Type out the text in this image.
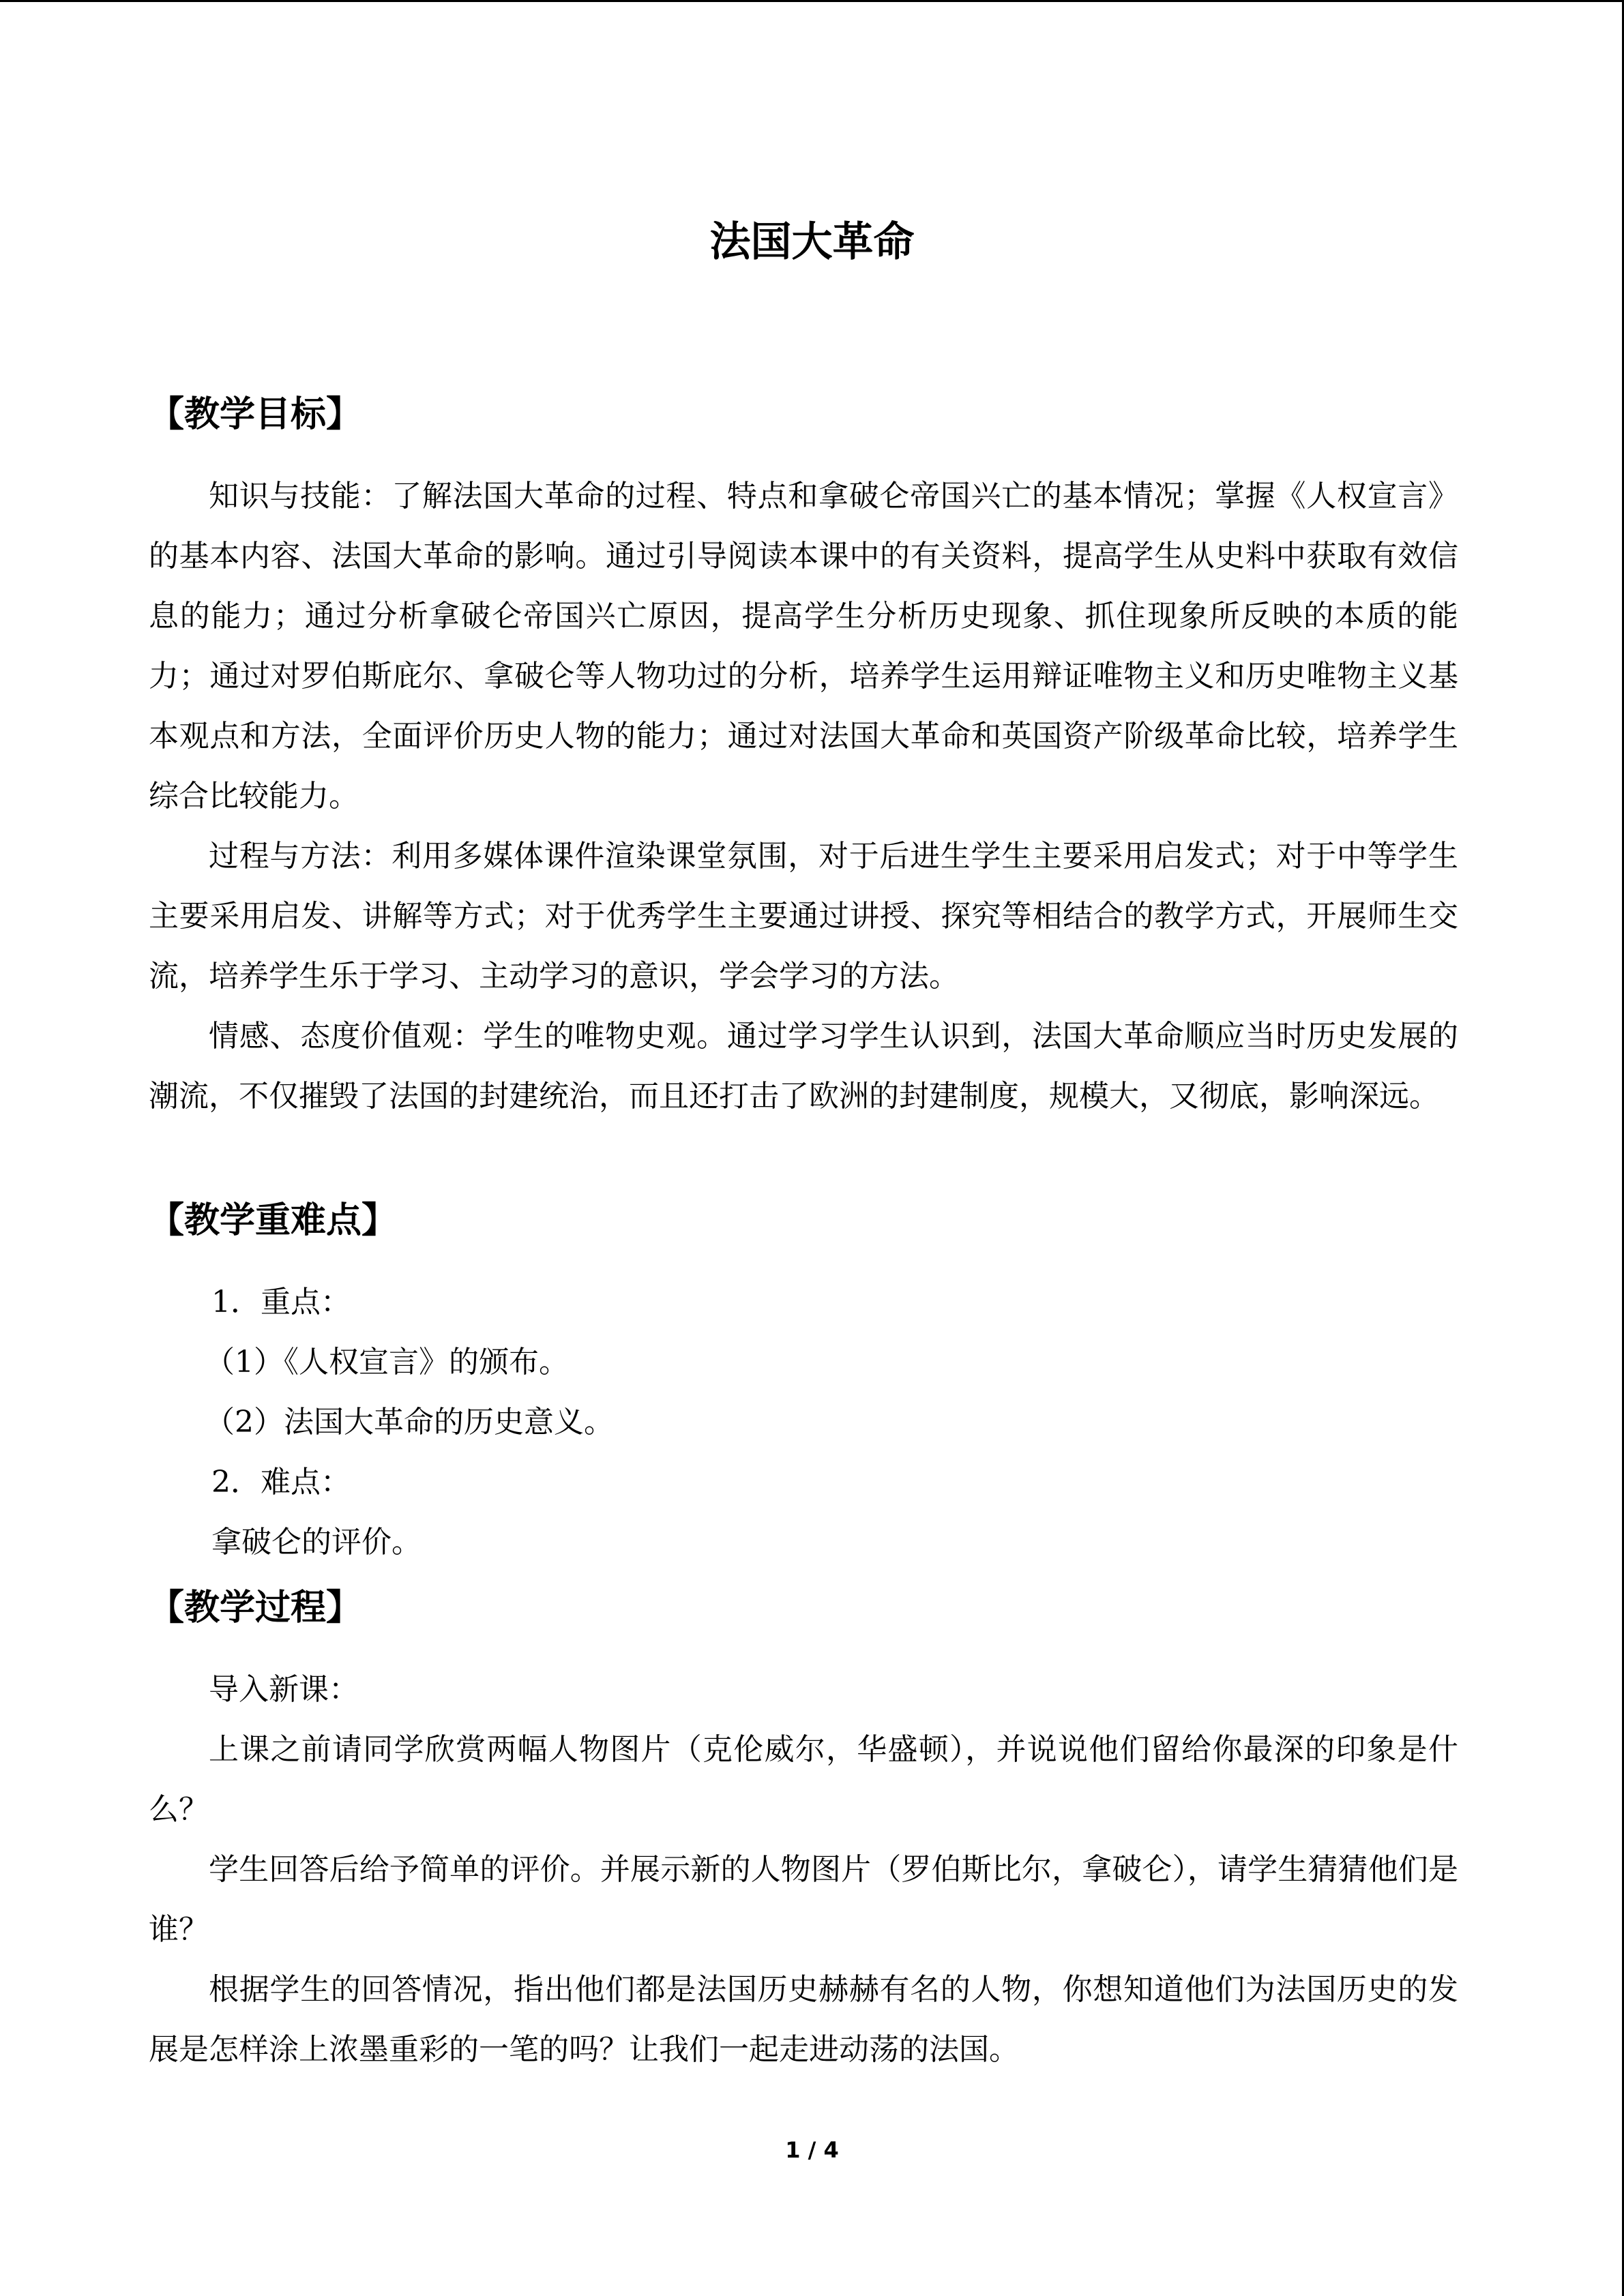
法国大革命
【教学目标】

知识与技能：了解法国大革命的过程、特点和拿破仑帝国兴亡的基本情况；掌握《人权宣言》的基本内容、法国大革命的影响。通过引导阅读本课中的有关资料，提高学生从史料中获取有效信息的能力；通过分析拿破仑帝国兴亡原因，提高学生分析历史现象、抓住现象所反映的本质的能力；通过对罗伯斯庇尔、拿破仑等人物功过的分析，培养学生运用辩证唯物主义和历史唯物主义基本观点和方法，全面评价历史人物的能力；通过对法国大革命和英国资产阶级革命比较，培养学生综合比较能力。

过程与方法：利用多媒体课件渲染课堂氛围，对于后进生学生主要采用启发式；对于中等学生主要采用启发、讲解等方式；对于优秀学生主要通过讲授、探究等相结合的教学方式，开展师生交流，培养学生乐于学习、主动学习的意识，学会学习的方法。

情感、态度价值观：学生的唯物史观。通过学习学生认识到，法国大革命顺应当时历史发展的潮流，不仅摧毁了法国的封建统治，而且还打击了欧洲的封建制度，规模大，又彻底，影响深远。

【教学重难点】
1．重点：
（1）《人权宣言》的颁布。
（2）法国大革命的历史意义。
2．难点：
拿破仑的评价。
【教学过程】

导入新课：

上课之前请同学欣赏两幅人物图片（克伦威尔，华盛顿），并说说他们留给你最深的印象是什么？

学生回答后给予简单的评价。并展示新的人物图片（罗伯斯比尔，拿破仑），请学生猜猜他们是谁？

根据学生的回答情况，指出他们都是法国历史赫赫有名的人物，你想知道他们为法国历史的发展是怎样涂上浓墨重彩的一笔的吗？让我们一起走进动荡的法国。

1 / 4
